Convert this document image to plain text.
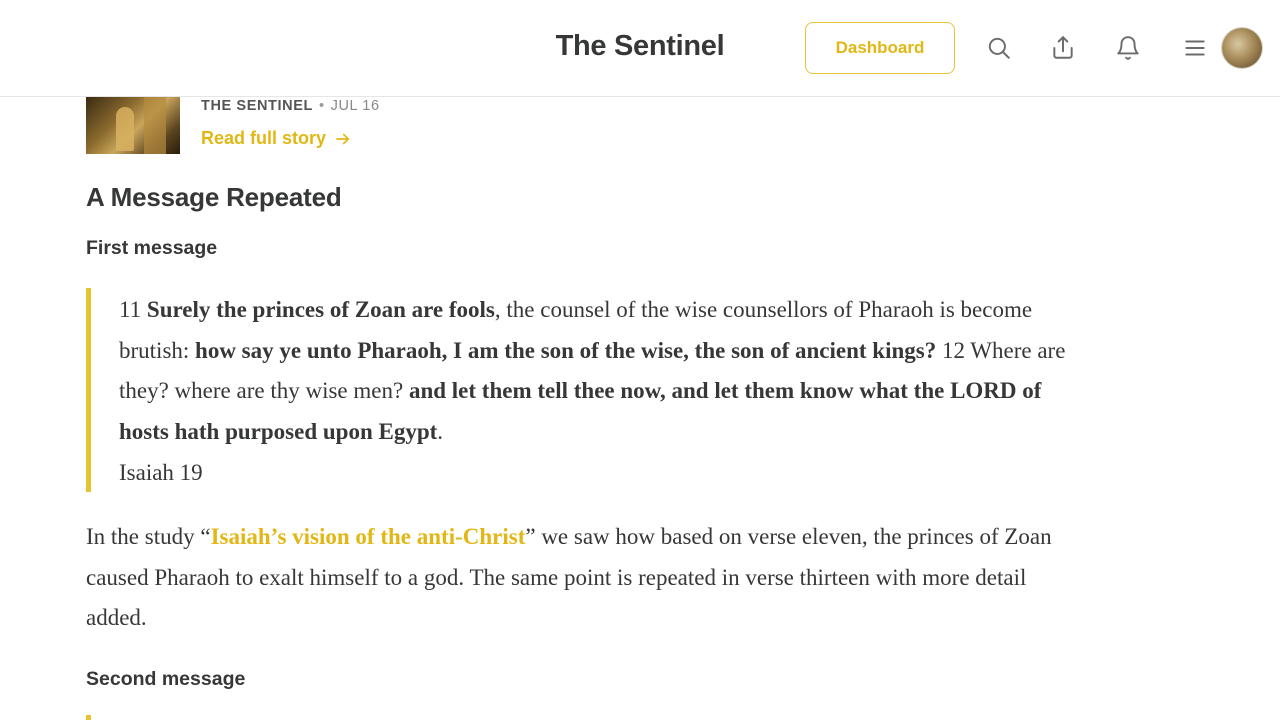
The Sentinel	Dashboard
THE SENTINEL • JUL 16
Read full story
A Message Repeated
First message
11 Surely the princes of Zoan are fools, the counsel of the wise counsellors of Pharaoh is become brutish: how say ye unto Pharaoh, I am the son of the wise, the son of ancient kings? 12 Where are they? where are thy wise men? and let them tell thee now, and let them know what the LORD of hosts hath purposed upon Egypt.
Isaiah 19

In the study “Isaiah’s vision of the anti-Christ” we saw how based on verse eleven, the princes of Zoan caused Pharaoh to exalt himself to a god. The same point is repeated in verse thirteen with more detail added.

Second message
